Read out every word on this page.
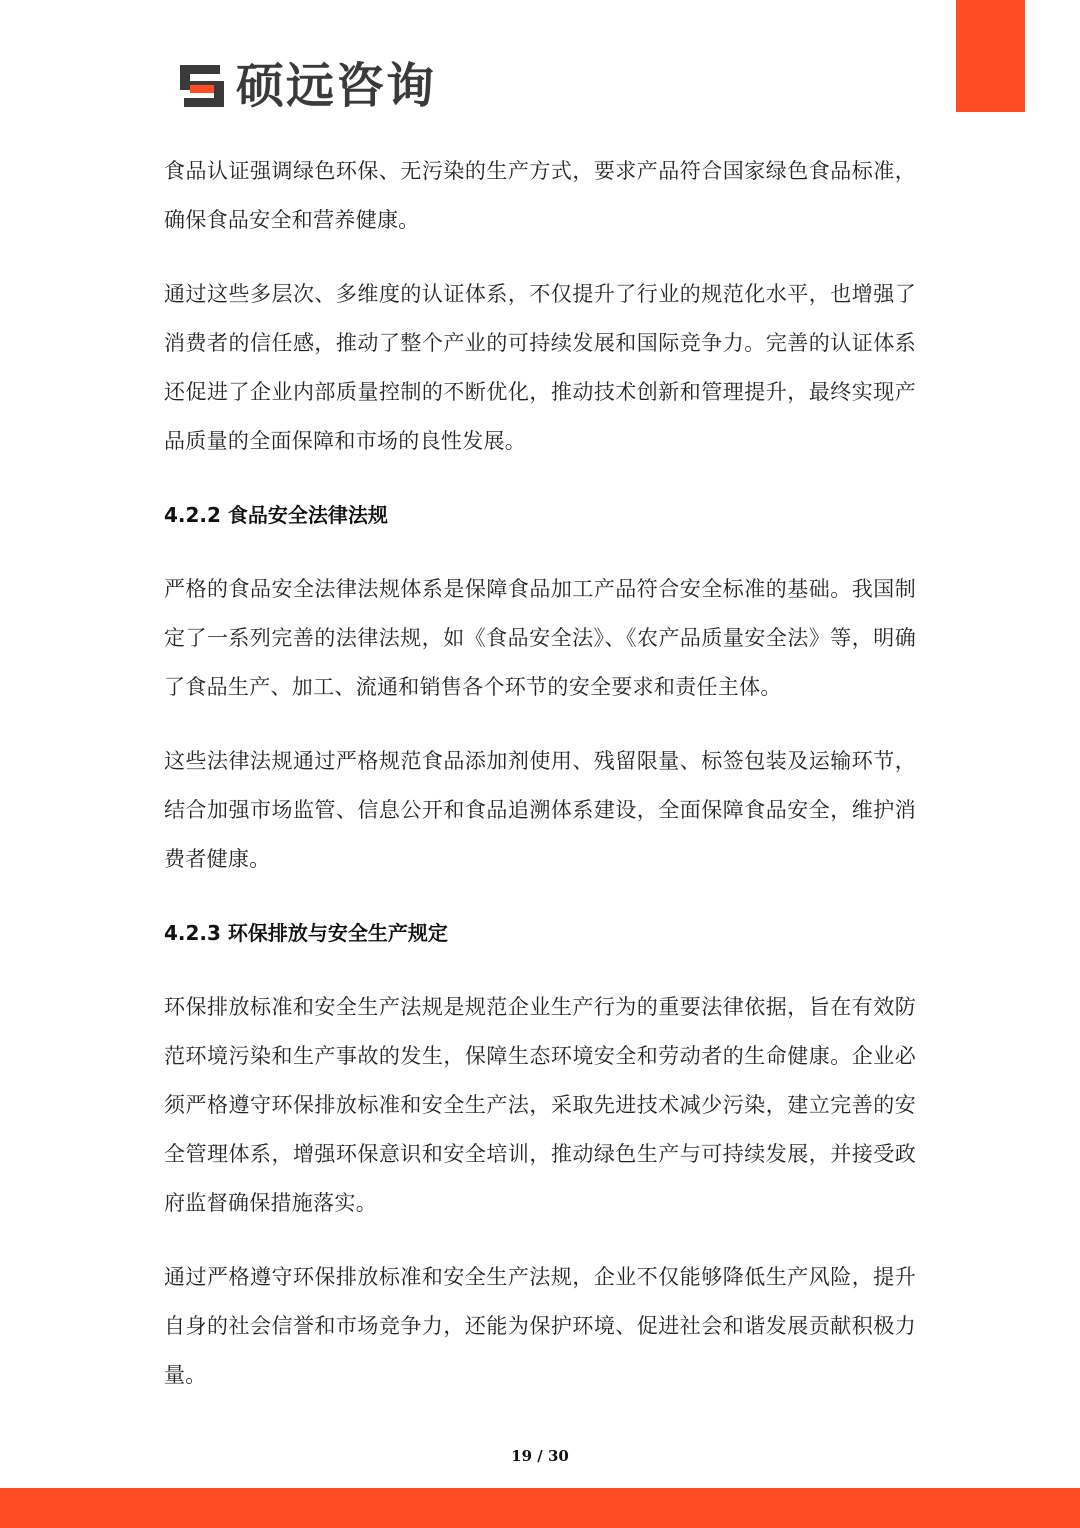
硕远咨询

食品认证强调绿色环保、无污染的生产方式，要求产品符合国家绿色食品标准，确保食品安全和营养健康。

通过这些多层次、多维度的认证体系，不仅提升了行业的规范化水平，也增强了消费者的信任感，推动了整个产业的可持续发展和国际竞争力。完善的认证体系还促进了企业内部质量控制的不断优化，推动技术创新和管理提升，最终实现产品质量的全面保障和市场的良性发展。

4.2.2 食品安全法律法规

严格的食品安全法律法规体系是保障食品加工产品符合安全标准的基础。我国制定了一系列完善的法律法规，如《食品安全法》、《农产品质量安全法》等，明确了食品生产、加工、流通和销售各个环节的安全要求和责任主体。

这些法律法规通过严格规范食品添加剂使用、残留限量、标签包装及运输环节，结合加强市场监管、信息公开和食品追溯体系建设，全面保障食品安全，维护消费者健康。

4.2.3 环保排放与安全生产规定

环保排放标准和安全生产法规是规范企业生产行为的重要法律依据，旨在有效防范环境污染和生产事故的发生，保障生态环境安全和劳动者的生命健康。企业必须严格遵守环保排放标准和安全生产法，采取先进技术减少污染，建立完善的安全管理体系，增强环保意识和安全培训，推动绿色生产与可持续发展，并接受政府监督确保措施落实。

通过严格遵守环保排放标准和安全生产法规，企业不仅能够降低生产风险，提升自身的社会信誉和市场竞争力，还能为保护环境、促进社会和谐发展贡献积极力量。

19 / 30
